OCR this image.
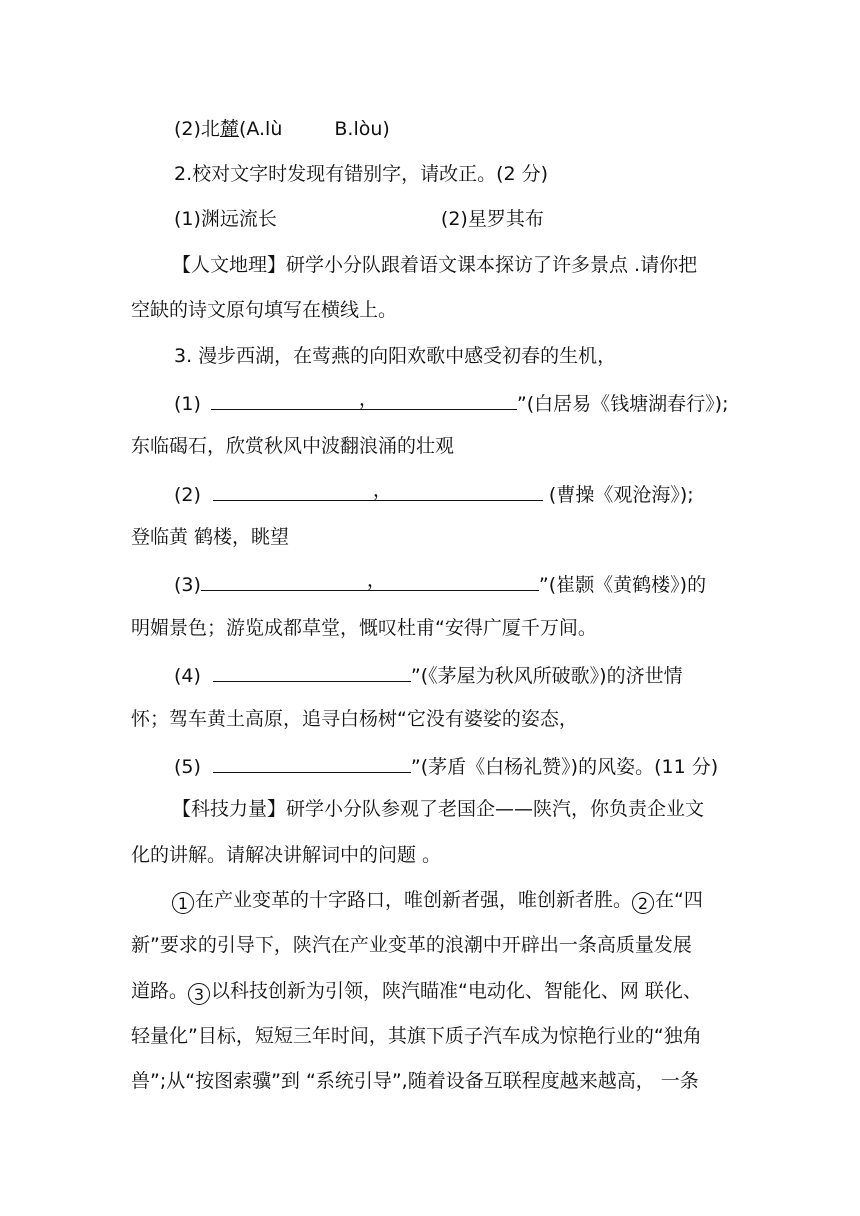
(2)北麓(A.lù	B.lòu)
2.校对文字时发现有错别字，请改正。(2 分)
(1)渊远流长	(2)星罗其布
【人文地理】研学小分队跟着语文课本探访了许多景点 .请你把
空缺的诗文原句填写在横线上。
3. 漫步西湖，在莺燕的向阳欢歌中感受初春的生机，
(1)	，	”(白居易《钱塘湖春行》);
东临碣石，欣赏秋风中波翻浪涌的壮观
(2)	，	(曹操《观沧海》);
登临黄 鹤楼，眺望
(3)	，	”(崔颢《黄鹤楼》)的
明媚景色；游览成都草堂，慨叹杜甫“安得广厦千万间。
(4)	”(《茅屋为秋风所破歌》)的济世情
怀；驾车黄土高原，追寻白杨树“它没有婆娑的姿态，
(5)	”(茅盾《白杨礼赞》)的风姿。(11 分)
【科技力量】研学小分队参观了老国企——陕汽，你负责企业文
化的讲解。请解决讲解词中的问题 。
1 在产业变革的十字路口，唯创新者强，唯创新者胜。 2 在“四
新”要求的引导下，陕汽在产业变革的浪潮中开辟出一条高质量发展
道路。 3 以科技创新为引领，陕汽瞄准“电动化、智能化、网 联化、
轻量化”目标，短短三年时间，其旗下质子汽车成为惊艳行业的“独角
兽”;从“按图索骥”到 “系统引导”,随着设备互联程度越来越高， 一条
